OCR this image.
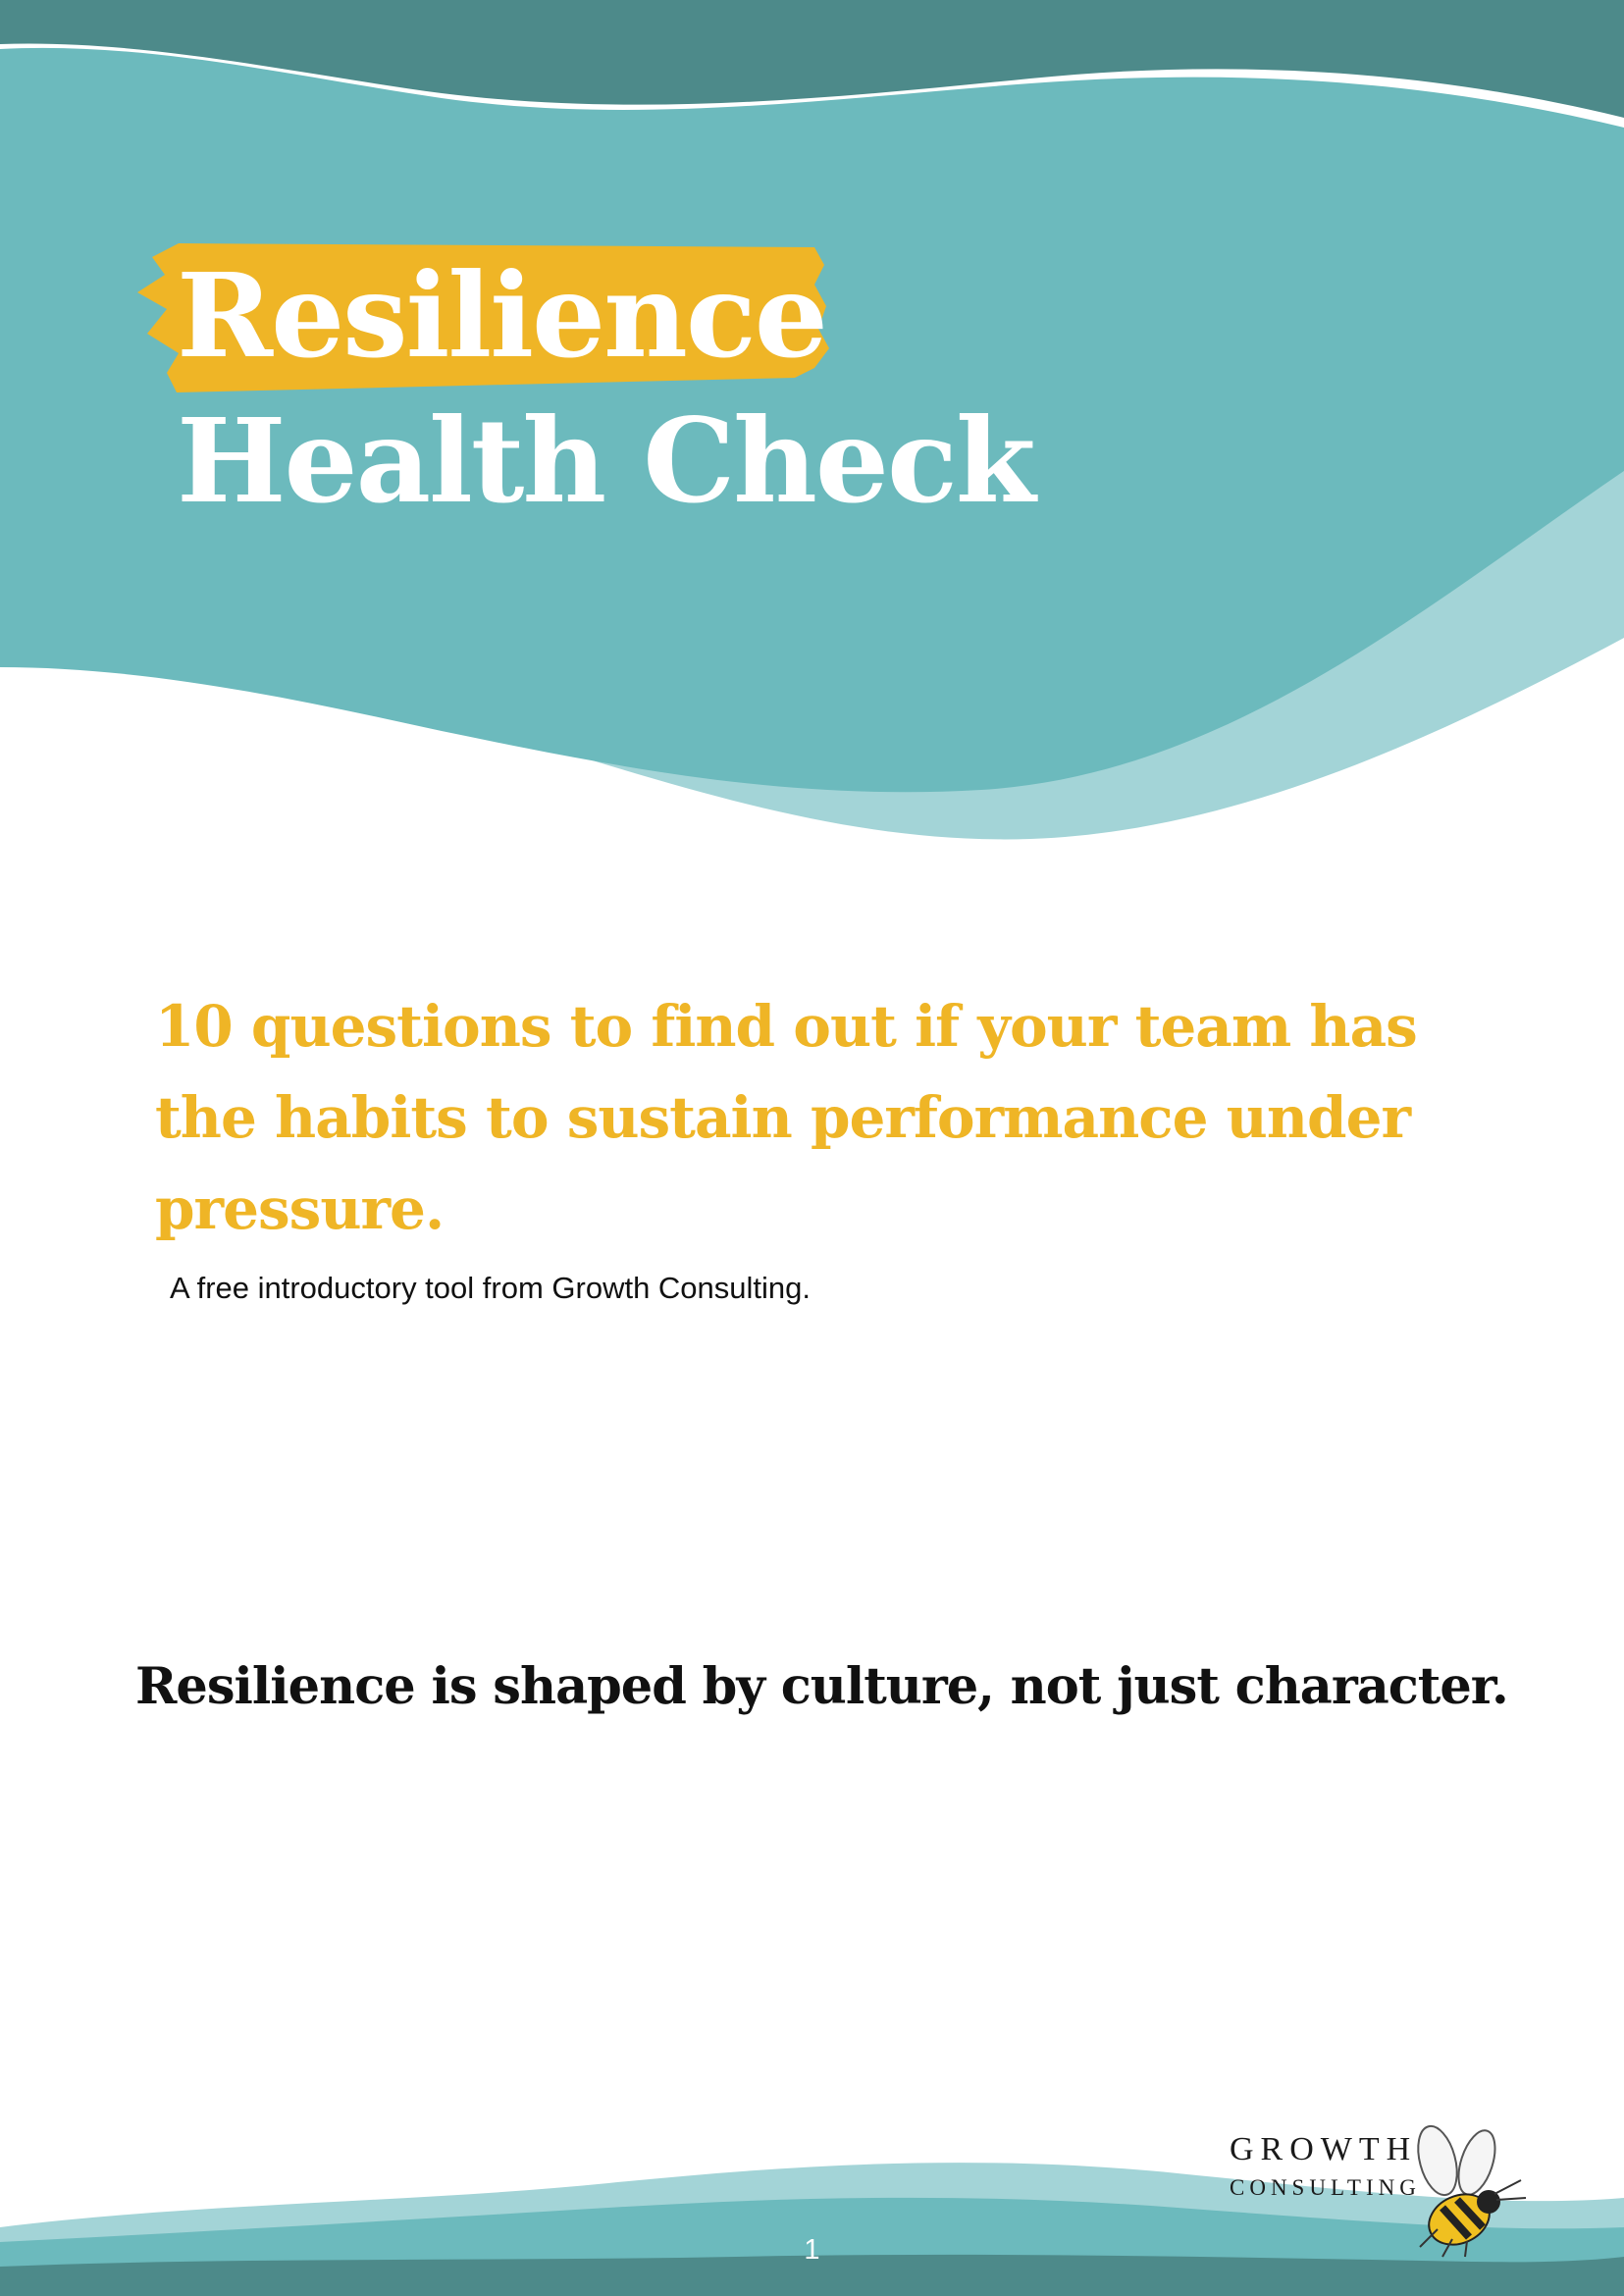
Resilience
Health Check
10 questions to find out if your team has the habits to sustain performance under pressure.
A free introductory tool from Growth Consulting.
Resilience is shaped by culture, not just character.
GROWTH
CONSULTING
1
